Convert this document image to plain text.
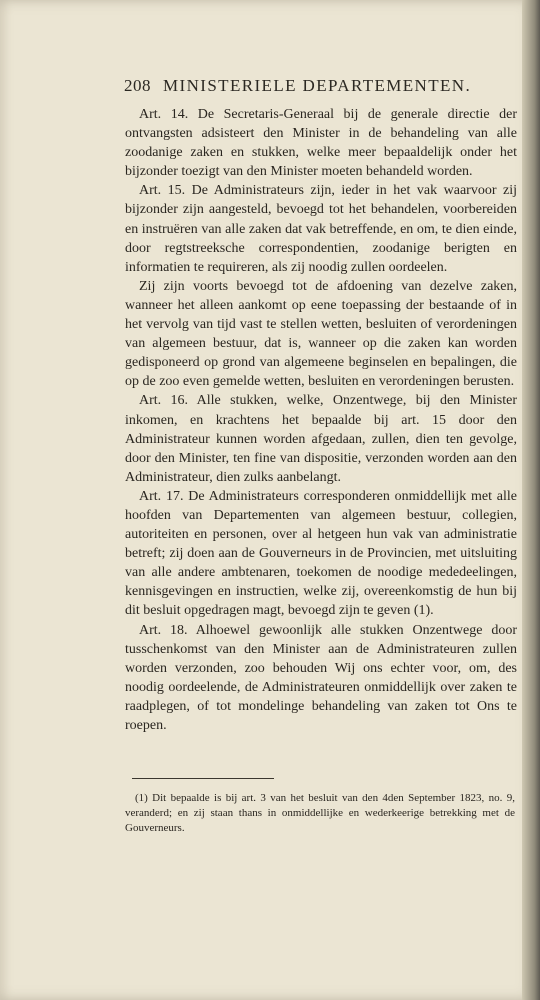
208 MINISTERIELE DEPARTEMENTEN.

Art. 14. De Secretaris-Generaal bij de generale directie der ontvangsten adsisteert den Minister in de behandeling van alle zoodanige zaken en stukken, welke meer bepaaldelijk onder het bijzonder toezigt van den Minister moeten behandeld worden.

Art. 15. De Administrateurs zijn, ieder in het vak waarvoor zij bijzonder zijn aangesteld, bevoegd tot het behandelen, voorbereiden en instruëren van alle zaken dat vak betreffende, en om, te dien einde, door regtstreeksche correspondentien, zoodanige berigten en informatien te requireren, als zij noodig zullen oordeelen.

Zij zijn voorts bevoegd tot de afdoening van dezelve zaken, wanneer het alleen aankomt op eene toepassing der bestaande of in het vervolg van tijd vast te stellen wetten, besluiten of verordeningen van algemeen bestuur, dat is, wanneer op die zaken kan worden gedisponeerd op grond van algemeene beginselen en bepalingen, die op de zoo even gemelde wetten, besluiten en verordeningen berusten.

Art. 16. Alle stukken, welke, Onzentwege, bij den Minister inkomen, en krachtens het bepaalde bij art. 15 door den Administrateur kunnen worden afgedaan, zullen, dien ten gevolge, door den Minister, ten fine van dispositie, verzonden worden aan den Administrateur, dien zulks aanbelangt.

Art. 17. De Administrateurs corresponderen onmiddellijk met alle hoofden van Departementen van algemeen bestuur, collegien, autoriteiten en personen, over al hetgeen hun vak van administratie betreft; zij doen aan de Gouverneurs in de Provincien, met uitsluiting van alle andere ambtenaren, toekomen de noodige mededeelingen, kennisgevingen en instructien, welke zij, overeenkomstig de hun bij dit besluit opgedragen magt, bevoegd zijn te geven (1).

Art. 18. Alhoewel gewoonlijk alle stukken Onzentwege door tusschenkomst van den Minister aan de Administrateuren zullen worden verzonden, zoo behouden Wij ons echter voor, om, des noodig oordeelende, de Administrateuren onmiddellijk over zaken te raadplegen, of tot mondelinge behandeling van zaken tot Ons te roepen.

(1) Dit bepaalde is bij art. 3 van het besluit van den 4den September 1823, no. 9, veranderd; en zij staan thans in onmiddellijke en wederkeerige betrekking met de Gouverneurs.
